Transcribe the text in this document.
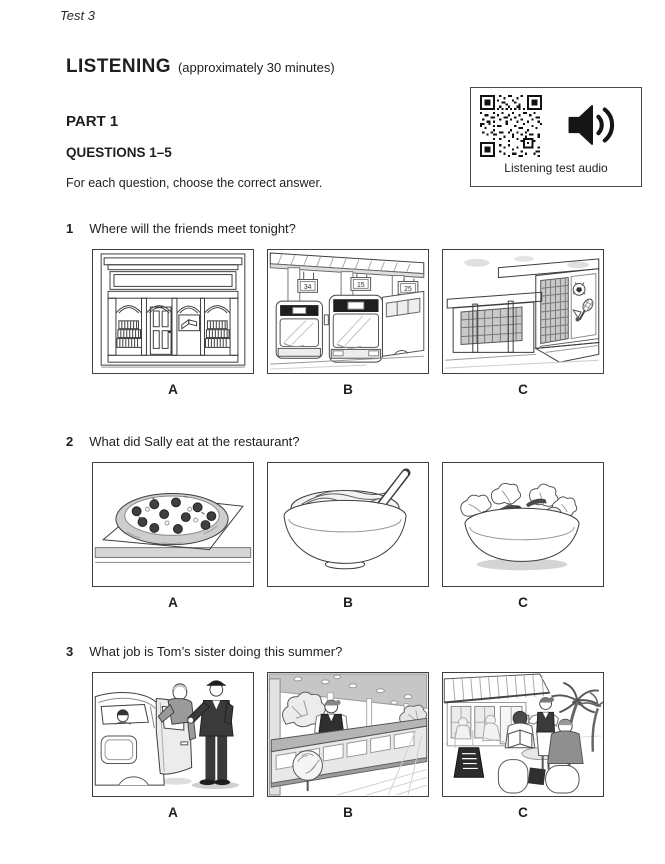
Test 3
LISTENING (approximately 30 minutes)
Listening test audio
PART 1
QUESTIONS 1–5

For each question, choose the correct answer.

1 Where will the friends meet tonight?
A
34	15
25
B	C
2 What did Sally eat at the restaurant?
A	B	C
3 What job is Tom’s sister doing this summer?
A	B	C
